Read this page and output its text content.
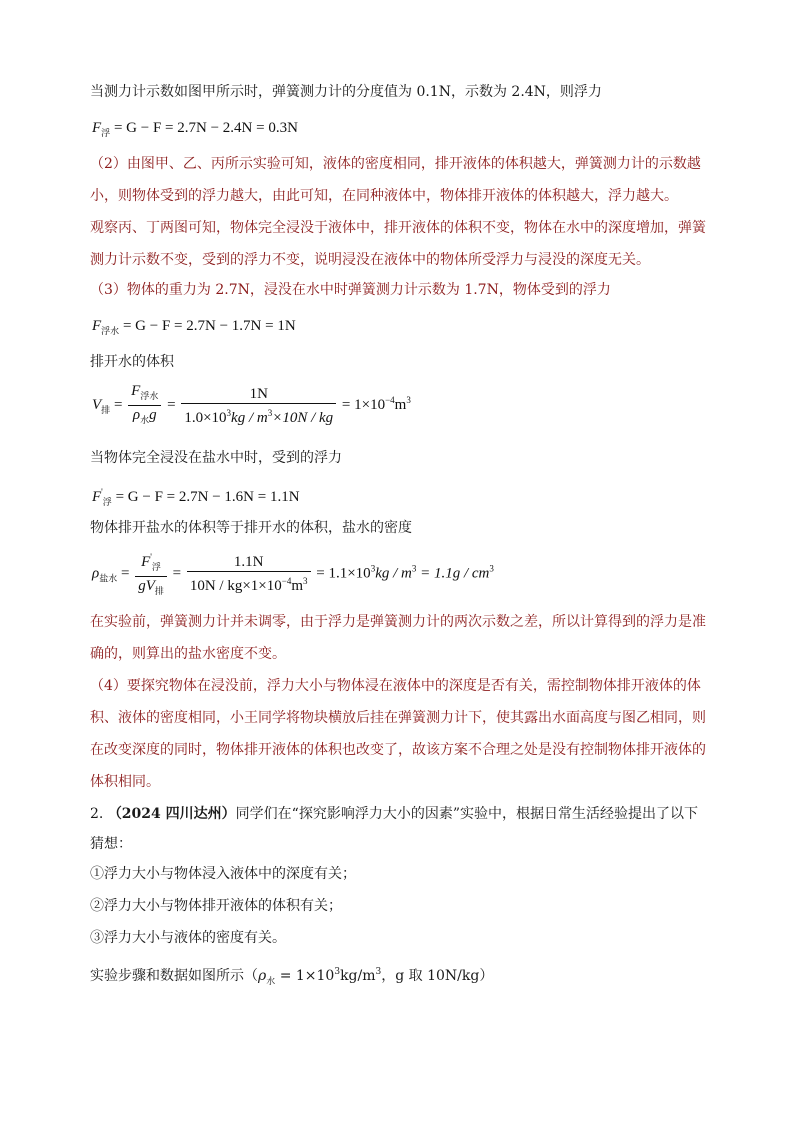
当测力计示数如图甲所示时，弹簧测力计的分度值为 0.1N，示数为 2.4N，则浮力
$F_浮 = G - F = 2.7N - 2.4N = 0.3N$
（2）由图甲、乙、丙所示实验可知，液体的密度相同，排开液体的体积越大，弹簧测力计的示数越
小，则物体受到的浮力越大，由此可知，在同种液体中，物体排开液体的体积越大，浮力越大。
观察丙、丁两图可知，物体完全浸没于液体中，排开液体的体积不变，物体在水中的深度增加，弹簧
测力计示数不变，受到的浮力不变，说明浸没在液体中的物体所受浮力与浸没的深度无关。
（3）物体的重力为 2.7N，浸没在水中时弹簧测力计示数为 1.7N，物体受到的浮力
$F_{浮水} = G - F = 2.7N - 1.7N = 1N$
排开水的体积
$V_排 = \frac{F_{浮水}}{\rho_水g} = \frac{1N}{1.0\times 10^3kg / m^3\times 10N / kg} = 1\times 10^{-4}m^3$
当物体完全浸没在盐水中时，受到的浮力
$F'_浮 = G - F = 2.7N - 1.6N = 1.1N$
物体排开盐水的体积等于排开水的体积，盐水的密度
$\rho_{盐水} = \frac{F'_浮}{gV_排} = \frac{1.1N}{10N / kg\times 1\times 10^{-4}m^3} = 1.1\times 10^3kg / m^3 = 1.1g / cm^3$
在实验前，弹簧测力计并未调零，由于浮力是弹簧测力计的两次示数之差，所以计算得到的浮力是准
确的，则算出的盐水密度不变。
（4）要探究物体在浸没前，浮力大小与物体浸在液体中的深度是否有关，需控制物体排开液体的体
积、液体的密度相同，小王同学将物块横放后挂在弹簧测力计下，使其露出水面高度与图乙相同，则
在改变深度的同时，物体排开液体的体积也改变了，故该方案不合理之处是没有控制物体排开液体的
体积相同。
2. （2024 四川达州）同学们在“探究影响浮力大小的因素”实验中，根据日常生活经验提出了以下
猜想：
①浮力大小与物体浸入液体中的深度有关；
②浮力大小与物体排开液体的体积有关；
③浮力大小与液体的密度有关。
实验步骤和数据如图所示（$\rho_水 = 1\times 10^3kg/m^3$，g 取 10N/kg）
